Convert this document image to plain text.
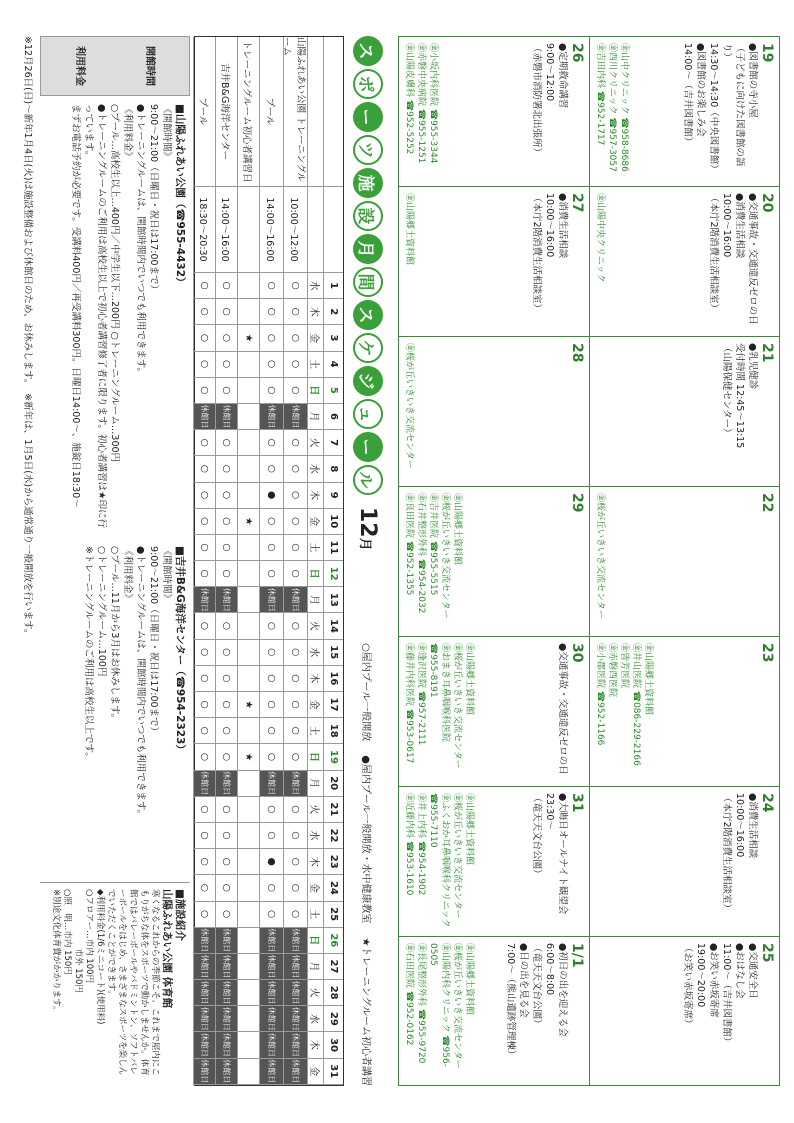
19
●図書館の寺小屋
（子どもに向けた図書館の語り）
14:30～14:30（中央図書館）
●図書館のお楽しみ会
14:00～（吉井図書館）
㊎山中クリニック ☎958-8686
㊎西川クリニック ☎957-3057
㊎吉田内科 ☎952-1717
20
●交通事故・交通違反ゼロの日
●消費生活相談
10:00～16:00
（本庁2階消費生活相談室）
㊎山陽中央クリニック
21
●乳児健診
受付時間 12:45～13:15
（山陽保健センター）
22
㊎桜が丘いきいき交流センター
23
㊎山陽郷土資料館
㊎井山医院 ☎086-229-2166
㊎皆芳医院
㊎赤磐西医院
㊎小郡医院 ☎952-1166
24
●消費生活相談
10:00～16:00
（本庁2階消費生活相談室）
25
●交通安全日
●おはなし会
11:00～（吉井図書館）
●お笑い赤坂寄席
19:00～20:00
（お笑い赤坂寄席）
26
●定期救命講習
9:00～12:00
（赤磐市消防署北出張所）
㊎小坂内科医院 ☎955-3344
㊎赤磐中央病院 ☎955-1251
㊎山陽皮膚科 ☎952-5252
27
●消費生活相談
10:00～16:00
（本庁2階消費生活相談室）
㊎山陽郷土資料館
28
㊎桜が丘いきいき交流センター
29
㊎山陽郷土資料館
㊎桜が丘いきいき交流センター
㊎吉井医院 ☎955-5515
㊎石井整形外科 ☎954-2032
㊎良田医院 ☎952-1355
30
●交通事故・交通違反ゼロの日
㊎山陽郷土資料館
㊎桜が丘いきいき交流センター
㊎おまき耳鼻咽喉科医院
☎955-8191
㊎逢沢医院 ☎957-2111
㊎藤井内科医院 ☎953-0617
31
●大晦日オールナイト観望会
23:30～
（竜天天文台公園）
㊎山陽郷土資料館
㊎桜が丘いきいき交流センター
㊎ふくおか耳鼻咽喉科クリニック
☎955-7110
㊎井上内科 ☎954-1902
㊎近藤内科 ☎953-1610
1/1
●初日の出を迎える会
6:00～8:00
（竜天天文台公園）
●日の出を見る会
7:00～（熊山遺跡管理棟）
㊎山陽郷土資料館
㊎桜が丘いきいき交流センター
㊎山陽内科クリニック ☎956-0505
㊎長尾整形外科 ☎955-9720
㊎石田医院 ☎952-0162
ス
ポ
ー
ツ
施
設
月
間
ス
ケ
ジ
ュ
ー
ル
12月
○屋内プール一般開放
●屋内プール一般開放・水中健康教室
★トレーニングルーム初心者講習
1
2
3
4
5
6
7
8
9
10
11
12
13
14
15
16
17
18
19
20
21
22
23
24
25
26
27
28
29
30
31
水
木
金
土
日
月
火
水
木
金
土
日
月
火
水
木
金
土
日
月
火
水
木
金
土
日
月
火
水
木
金
山陽ふれあい公園 トレーニングルーム
10:00～12:00
○
○
○
○
○
休館日
○
○
○
○
○
○
休館日
○
○
○
○
○
○
休館日
○
○
○
○
○
休館日
休館日
休館日
休館日
休館日
休館日
プール
14:00～16:00
○
○
○
○
○
休館日
○
○
●
○
○
○
休館日
○
○
○
○
○
○
休館日
○
○
●
○
○
休館日
休館日
休館日
休館日
休館日
休館日
トレーニングルーム初心者講習日
★
★
★
★
吉井B&G海洋センター
14:00～16:00
○
○
○
○
○
休館日
○
○
○
○
○
○
休館日
○
○
○
○
○
○
休館日
○
○
○
○
○
休館日
休館日
休館日
休館日
休館日
休館日
プール
18:30～20:30
○
○
○
○
○
休館日
○
○
○
○
○
○
休館日
○
○
○
○
○
○
休館日
○
○
○
○
○
休館日
休館日
休館日
休館日
休館日
休館日
開館時間
利用料金
■山陽ふれあい公園（☎955-4432）
《開館時間》
9:00～21:00（日曜日・祝日は17:00まで）
●トレーニングルームは、開館時間内でいつでも利用できます。
《利用料金》
○プール…高校生以上…400円／中学生以下…200円 ○トレーニングルーム…300円
●トレーニングルームのご利用は高校生以上で初心者講習修了者に限ります。初心者講習は★印に行っています。
まずお電話予約が必要です。受講料400円／再受講料300円。日曜日14:00～、施錠日18:30～
■吉井B&G海洋センター（☎954-2323）
《開館時間》
9:00～21:00（日曜日・祝日は17:00まで）
●トレーニングルームは、開館時間内でいつでも利用できます。
《利用料金》
○プール…11月から3月はお休みします。
○トレーニングルーム…100円
※トレーニングルームのご利用は高校生以上です。
■施設紹介
山陽ふれあい公園 体育館
寒くなるこれからの季節こそ、これまで屋内にこもりがちな体をスポーツで動かしませんか。体育館ではバレーボールやバドミントン、ソフトバレーボールをはじめ、さまざまなスポーツを楽しんでいただくことができます。
◆利用料金(1/6ミニコート)(使用料)
○フロアー…市内 100円
　　　　　　　市外 150円
○照　明…市内 150円
※別途文化体育費がかかります。
※12月26日(日)～新年1月4日(火)は施設整備および休館日のため、お休みします。　※新年は、1月5日(水)から通常通り一般開放を行います。
